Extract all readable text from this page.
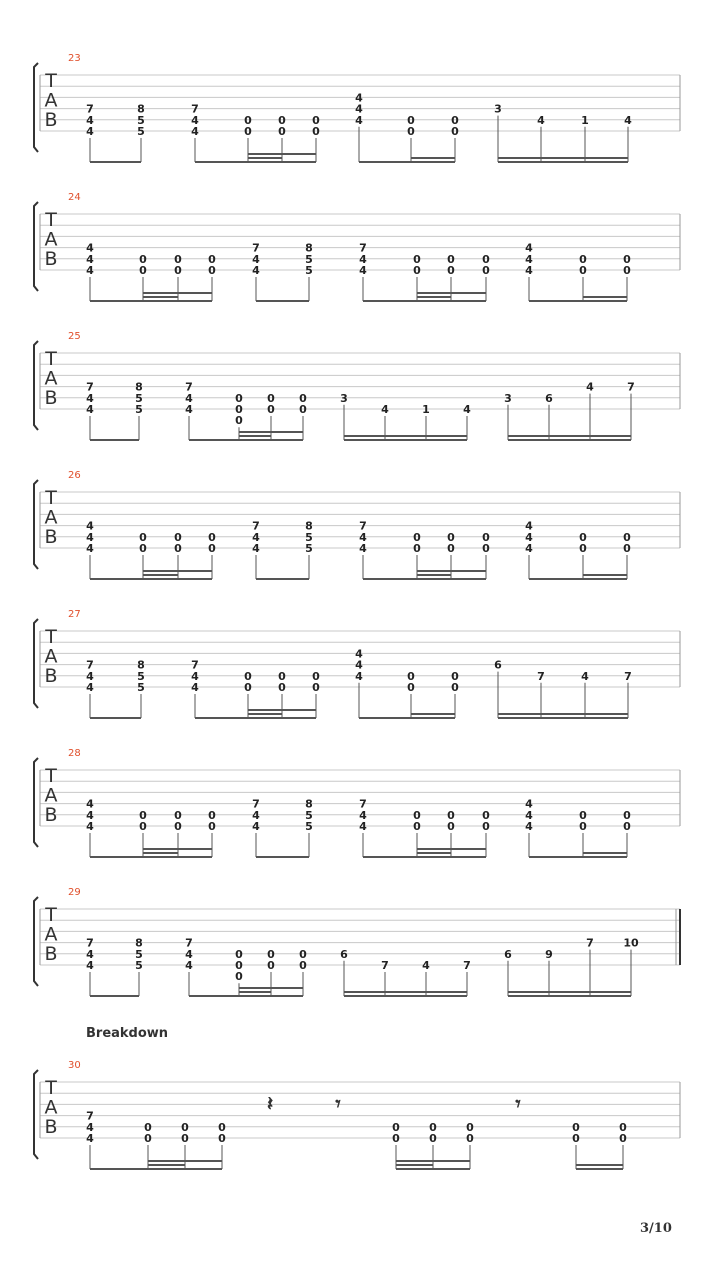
23
T
A
B	7
4
4
8
5
5
7
4
4
0
0
0
0
0
0
4
4
4	0
0
0
0
3
4	1	4
24
T
A
B	4
4
4
0
0
0
0
0
0
7
4
4
8
5
5
7
4
4
0
0
0
0
0
0
4
4
4
0
0
0
0
25
T
A
B	7
4
4
8
5
5
7
4
4
0
0
0
0
0
0
0
3
4	1	4
3	6
4	7
26
T
A
B	4
4
4
0
0
0
0
0
0
7
4
4
8
5
5
7
4
4
0
0
0
0
0
0
4
4
4
0
0
0
0
27
T
A
B	7
4
4
8
5
5
7
4
4
0
0
0
0
0
0
4
4
4	0
0
0
0
6
7	4	7
28
T
A
B	4
4
4
0
0
0
0
0
0
7
4
4
8
5
5
7
4
4
0
0
0
0
0
0
4
4
4
0
0
0
0
29
T
A
B	7
4
4
8
5
5
7
4
4
0
0
0
0
0
0
0
6
7	4	7
6	9
7	10
30
T
A
B	7
4
4
0
0
0
0
0
0
0
0
0
0
0
0
0
0
0
0
𝄽	𝄾	𝄾
Breakdown
3/10
